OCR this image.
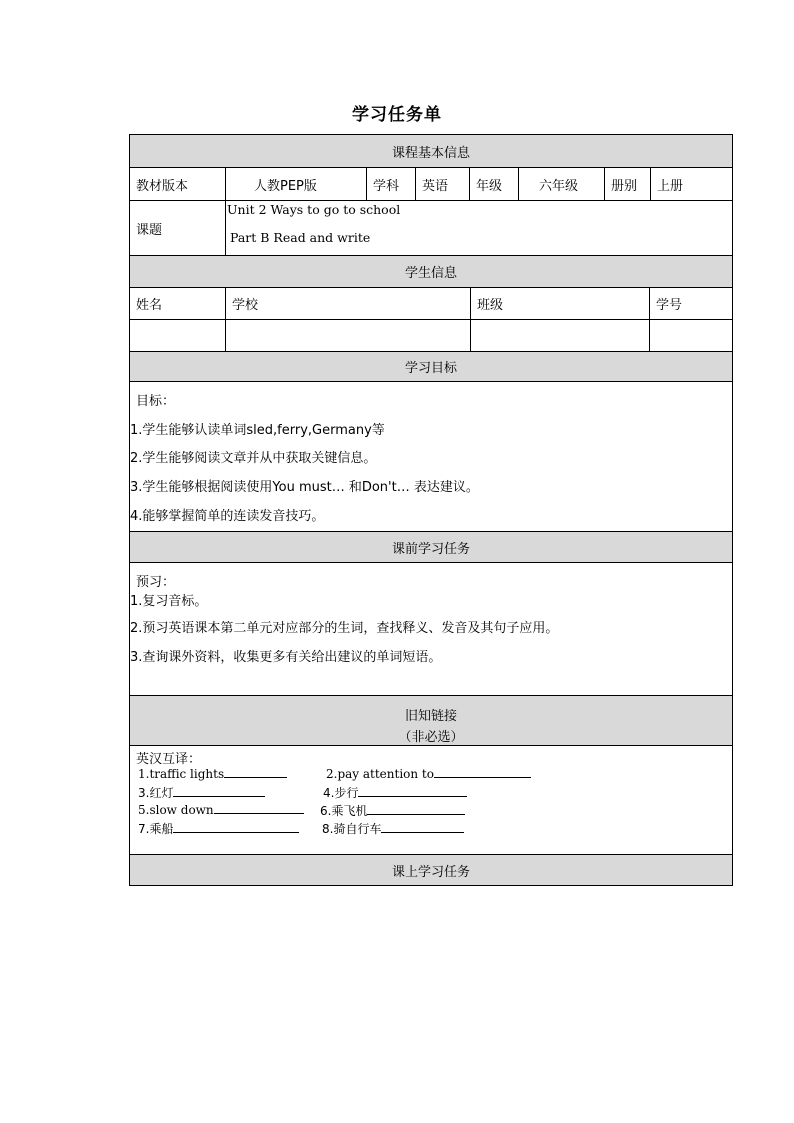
学习任务单
课程基本信息
教材版本	人教PEP版	学科	英语	年级	六年级	册别	上册
课题
Unit 2 Ways to go to school
Part B Read and write
学生信息
姓名	学校	班级	学号
学习目标
目标：
1.学生能够认读单词sled,ferry,Germany等
2.学生能够阅读文章并从中获取关键信息。
3.学生能够根据阅读使用You must… 和Don't… 表达建议。
4.能够掌握简单的连读发音技巧。
课前学习任务
预习：
1.复习音标。
2.预习英语课本第二单元对应部分的生词，查找释义、发音及其句子应用。
3.查询课外资料，收集更多有关给出建议的单词短语。
旧知链接
（非必选）
英汉互译：
1.traffic lights	2.pay attention to
3.红灯	4.步行
5.slow down	6.乘飞机
7.乘船	8.骑自行车
课上学习任务
